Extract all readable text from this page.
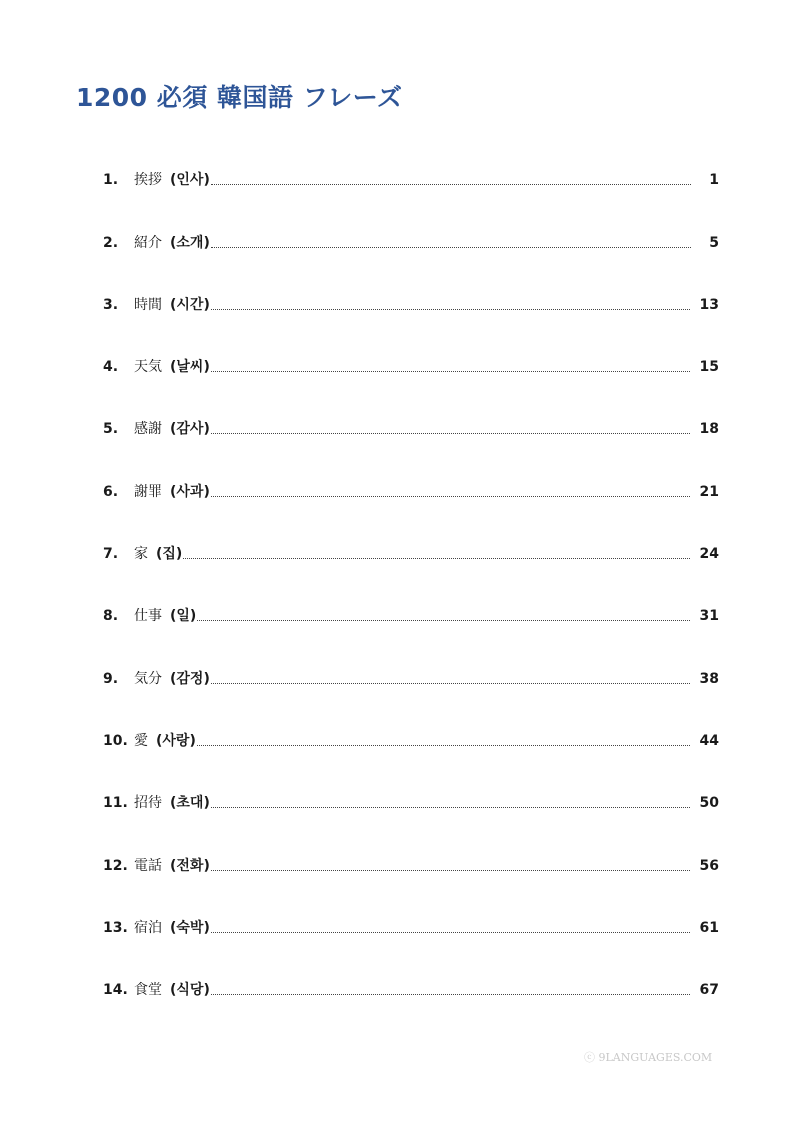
1200 必須 韓国語 フレーズ
1.	挨拶 (인사)	1
2.	紹介 (소개)	5
3.	時間 (시간)	13
4.	天気 (날씨)	15
5.	感謝 (감사)	18
6.	謝罪 (사과)	21
7.	家 (집)	24
8.	仕事 (일)	31
9.	気分 (감정)	38
10. 愛 (사랑)	44
11. 招待 (초대)	50
12. 電話 (전화)	56
13. 宿泊 (숙박)	61
14. 食堂 (식당)	67
ⓒ 9LANGUAGES.COM
